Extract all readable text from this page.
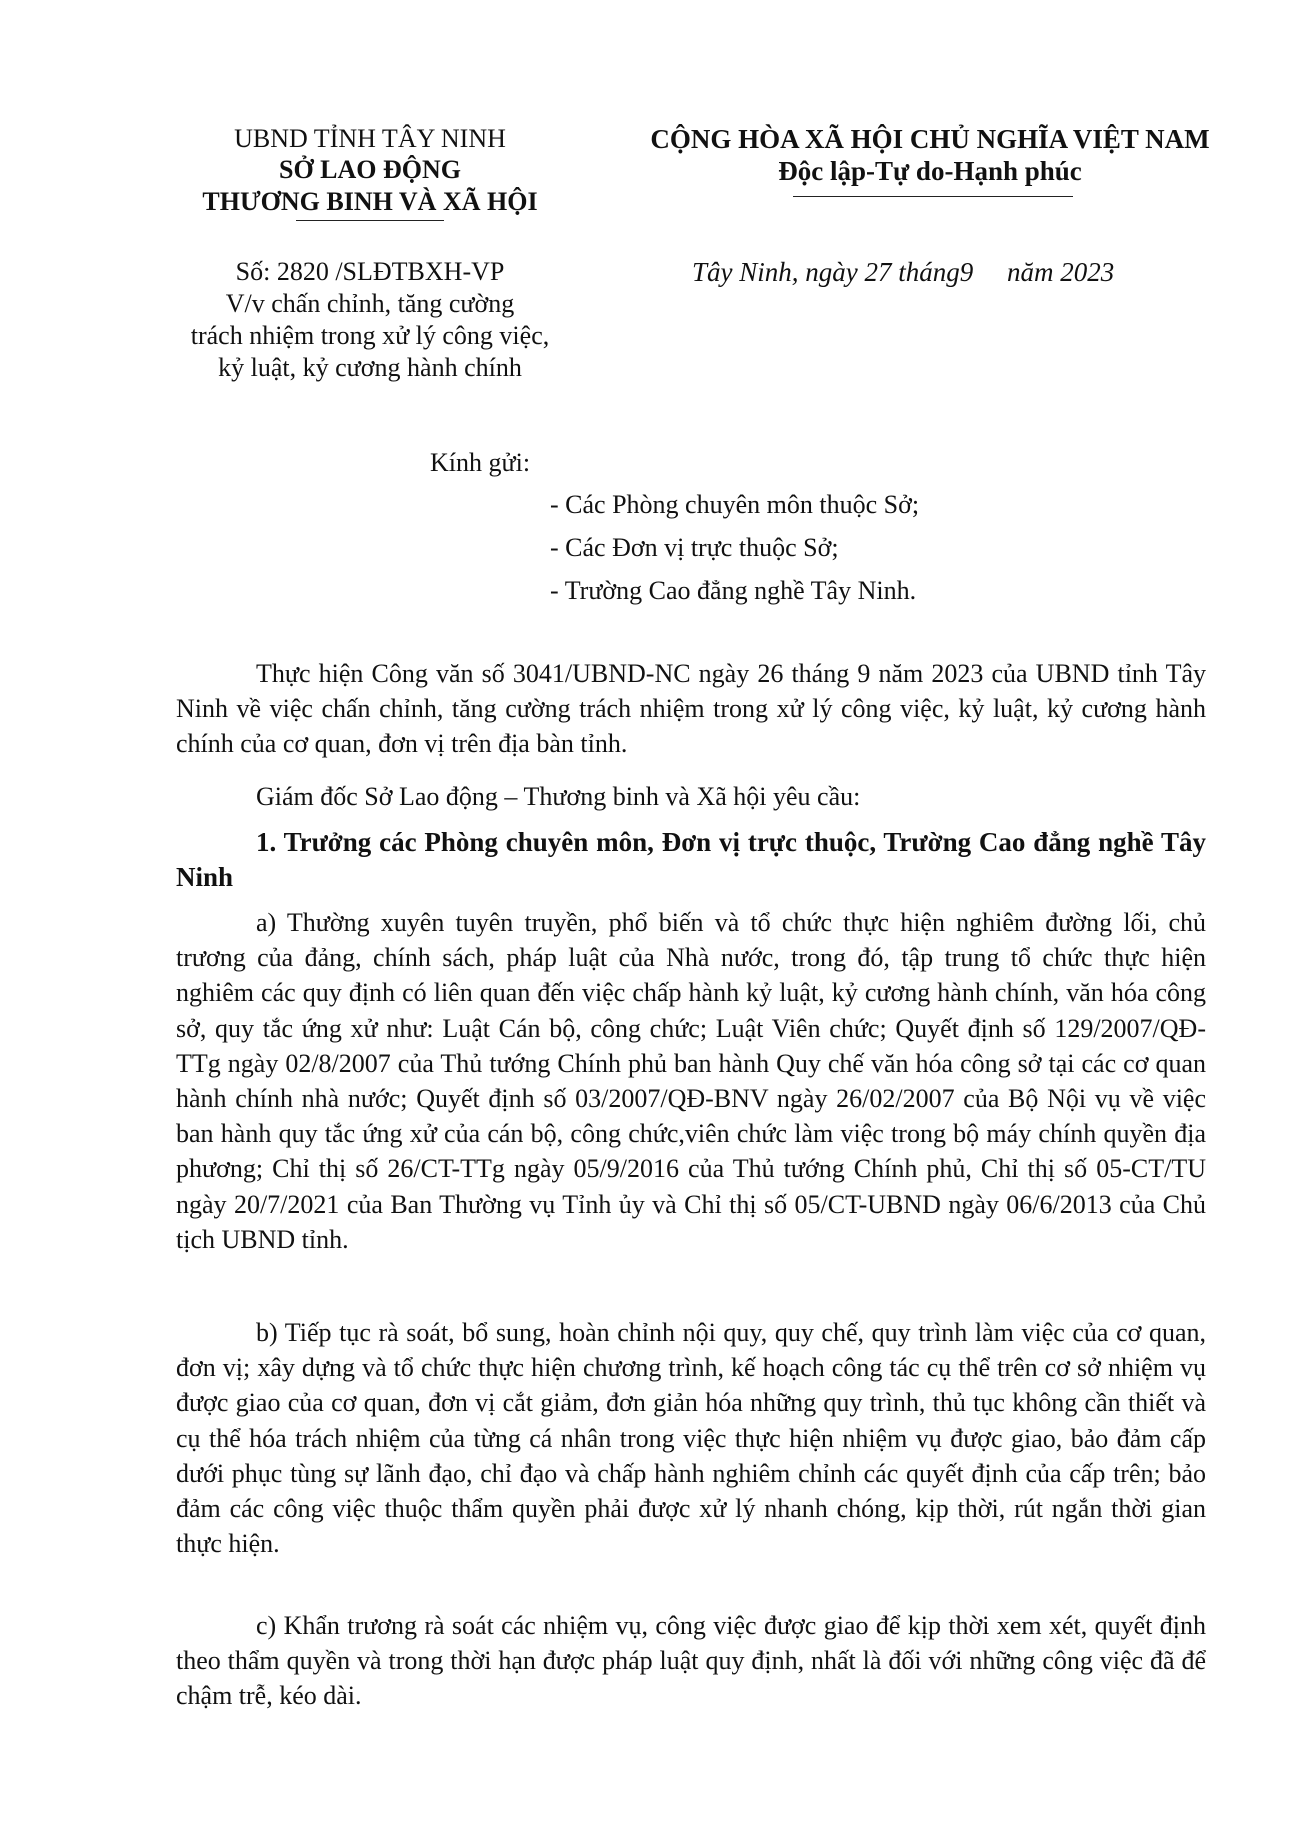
UBND TỈNH TÂY NINH
SỞ LAO ĐỘNG
THƯƠNG BINH VÀ XÃ HỘI
CỘNG HÒA XÃ HỘI CHỦ NGHĨA VIỆT NAM
Độc lập-Tự do-Hạnh phúc
Số: 2820 /SLĐTBXH-VP
V/v chấn chỉnh, tăng cường
trách nhiệm trong xử lý công việc,
kỷ luật, kỷ cương hành chính
Tây Ninh, ngày 27 tháng9     năm 2023
Kính gửi:
- Các Phòng chuyên môn thuộc Sở;
- Các Đơn vị trực thuộc Sở;
- Trường Cao đẳng nghề Tây Ninh.

Thực hiện Công văn số 3041/UBND-NC ngày 26 tháng 9 năm 2023 của UBND tỉnh Tây Ninh về việc chấn chỉnh, tăng cường trách nhiệm trong xử lý công việc, kỷ luật, kỷ cương hành chính của cơ quan, đơn vị trên địa bàn tỉnh.

Giám đốc Sở Lao động – Thương binh và Xã hội yêu cầu:

1. Trưởng các Phòng chuyên môn, Đơn vị trực thuộc, Trường Cao đẳng nghề Tây Ninh

a) Thường xuyên tuyên truyền, phổ biến và tổ chức thực hiện nghiêm đường lối, chủ trương của đảng, chính sách, pháp luật của Nhà nước, trong đó, tập trung tổ chức thực hiện nghiêm các quy định có liên quan đến việc chấp hành kỷ luật, kỷ cương hành chính, văn hóa công sở, quy tắc ứng xử như: Luật Cán bộ, công chức; Luật Viên chức; Quyết định số 129/2007/QĐ-TTg ngày 02/8/2007 của Thủ tướng Chính phủ ban hành Quy chế văn hóa công sở tại các cơ quan hành chính nhà nước; Quyết định số 03/2007/QĐ-BNV ngày 26/02/2007 của Bộ Nội vụ về việc ban hành quy tắc ứng xử của cán bộ, công chức,viên chức làm việc trong bộ máy chính quyền địa phương; Chỉ thị số 26/CT-TTg ngày 05/9/2016 của Thủ tướng Chính phủ, Chỉ thị số 05-CT/TU ngày 20/7/2021 của Ban Thường vụ Tỉnh ủy và Chỉ thị số 05/CT-UBND ngày 06/6/2013 của Chủ tịch UBND tỉnh.

b) Tiếp tục rà soát, bổ sung, hoàn chỉnh nội quy, quy chế, quy trình làm việc của cơ quan, đơn vị; xây dựng và tổ chức thực hiện chương trình, kế hoạch công tác cụ thể trên cơ sở nhiệm vụ được giao của cơ quan, đơn vị cắt giảm, đơn giản hóa những quy trình, thủ tục không cần thiết và cụ thể hóa trách nhiệm của từng cá nhân trong việc thực hiện nhiệm vụ được giao, bảo đảm cấp dưới phục tùng sự lãnh đạo, chỉ đạo và chấp hành nghiêm chỉnh các quyết định của cấp trên; bảo đảm các công việc thuộc thẩm quyền phải được xử lý nhanh chóng, kịp thời, rút ngắn thời gian thực hiện.

c) Khẩn trương rà soát các nhiệm vụ, công việc được giao để kịp thời xem xét, quyết định theo thẩm quyền và trong thời hạn được pháp luật quy định, nhất là đối với những công việc đã để chậm trễ, kéo dài.
